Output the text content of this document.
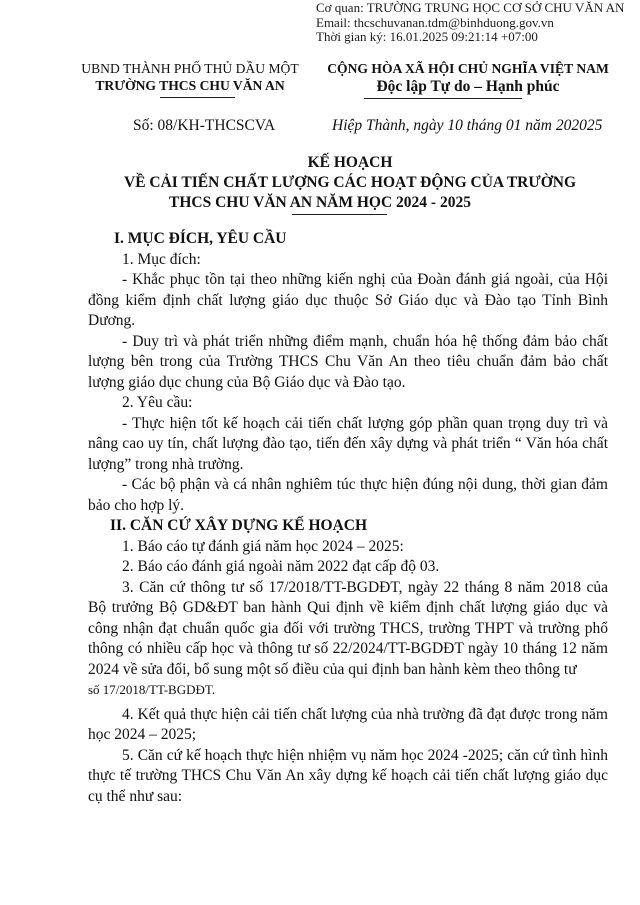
Cơ quan: TRƯỜNG TRUNG HỌC CƠ SỞ CHU VĂN AN
Email: thcschuvanan.tdm@binhduong.gov.vn
Thời gian ký: 16.01.2025 09:21:14 +07:00
UBND THÀNH PHỐ THỦ DẦU MỘT
TRƯỜNG THCS CHU VĂN AN
CỘNG HÒA XÃ HỘI CHỦ NGHĨA VIỆT NAM
Độc lập Tự do – Hạnh phúc
Số: 08/KH-THCSCVA	Hiệp Thành, ngày 10 tháng 01 năm 202025
KẾ HOẠCH
VỀ CẢI TIẾN CHẤT LƯỢNG CÁC HOẠT ĐỘNG CỦA TRƯỜNG
THCS CHU VĂN AN NĂM HỌC 2024 - 2025
I. MỤC ĐÍCH, YÊU CẦU
1. Mục đích:

- Khắc phục tồn tại theo những kiến nghị của Đoàn đánh giá ngoài, của Hội đồng kiểm định chất lượng giáo dục thuộc Sở Giáo dục và Đào tạo Tỉnh Bình Dương.

- Duy trì và phát triển những điểm mạnh, chuẩn hóa hệ thống đảm bảo chất lượng bên trong của Trường THCS Chu Văn An theo tiêu chuẩn đảm bảo chất lượng giáo dục chung của Bộ Giáo dục và Đào tạo.

2. Yêu cầu:

- Thực hiện tốt kế hoạch cải tiến chất lượng góp phần quan trọng duy trì và nâng cao uy tín, chất lượng đào tạo, tiến đến xây dựng và phát triển “ Văn hóa chất lượng” trong nhà trường.

- Các bộ phận và cá nhân nghiêm túc thực hiện đúng nội dung, thời gian đảm bảo cho hợp lý.

II. CĂN CỨ XÂY DỰNG KẾ HOẠCH
1. Báo cáo tự đánh giá năm học 2024 – 2025:
2. Báo cáo đánh giá ngoài năm 2022 đạt cấp độ 03.

3. Căn cứ thông tư số 17/2018/TT-BGDĐT, ngày 22 tháng 8 năm 2018 của Bộ trưởng Bộ GD&ĐT ban hành Qui định về kiểm định chất lượng giáo dục và công nhận đạt chuẩn quốc gia đối với trường THCS, trường THPT và trường phổ thông có nhiều cấp học và thông tư số 22/2024/TT-BGDĐT ngày 10 tháng 12 năm 2024 về sửa đổi, bổ sung một số điều của qui định ban hành kèm theo thông tư

số 17/2018/TT-BGDĐT.

4. Kết quả thực hiện cải tiến chất lượng của nhà trường đã đạt được trong năm học 2024 – 2025;

5. Căn cứ kế hoạch thực hiện nhiệm vụ năm học 2024 -2025; căn cứ tình hình thực tế trường THCS Chu Văn An xây dựng kế hoạch cải tiến chất lượng giáo dục cụ thể như sau:
